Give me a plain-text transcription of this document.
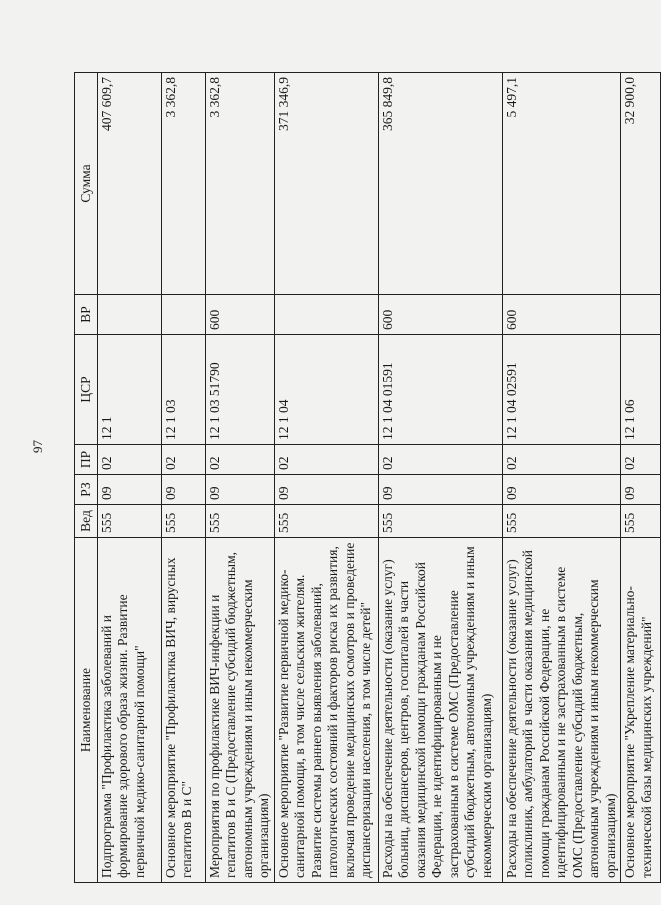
97
Наименование	Вед	РЗ	ПР	ЦСР	ВР	Сумма
Подпрограмма "Профилактика заболеваний и формирование здорового образа жизни. Развитие первичной медико-санитарной помощи"	555	09	02	12 1		407 609,7
Основное мероприятие "Профилактика ВИЧ, вирусных гепатитов В и С"	555	09	02	12 1 03		3 362,8
Мероприятия по профилактике ВИЧ-инфекции и гепатитов В и С (Предоставление субсидий бюджетным, автономным учреждениям и иным некоммерческим организациям)	555	09	02	12 1 03 51790	600	3 362,8
Основное мероприятие "Развитие первичной медико-санитарной помощи, в том числе сельским жителям. Развитие системы раннего выявления заболеваний, патологических состояний и факторов риска их развития, включая проведение медицинских осмотров и проведение диспансеризации населения, в том числе детей"	555	09	02	12 1 04		371 346,9
Расходы на обеспечение деятельности (оказание услуг) больниц, диспансеров, центров, госпиталей в части оказания медицинской помощи гражданам Российской Федерации, не идентифицированным и не застрахованным в системе ОМС (Предоставление субсидий бюджетным, автономным учреждениям и иным некоммерческим организациям)	555	09	02	12 1 04 01591	600	365 849,8
Расходы на обеспечение деятельности (оказание услуг) поликлиник, амбулаторий в части оказания медицинской помощи гражданам Российской Федерации, не идентифицированным и не застрахованным в системе ОМС (Предоставление субсидий бюджетным, автономным учреждениям и иным некоммерческим организациям)	555	09	02	12 1 04 02591	600	5 497,1
Основное мероприятие "Укрепление материально-технической базы медицинских учреждений"	555	09	02	12 1 06		32 900,0
